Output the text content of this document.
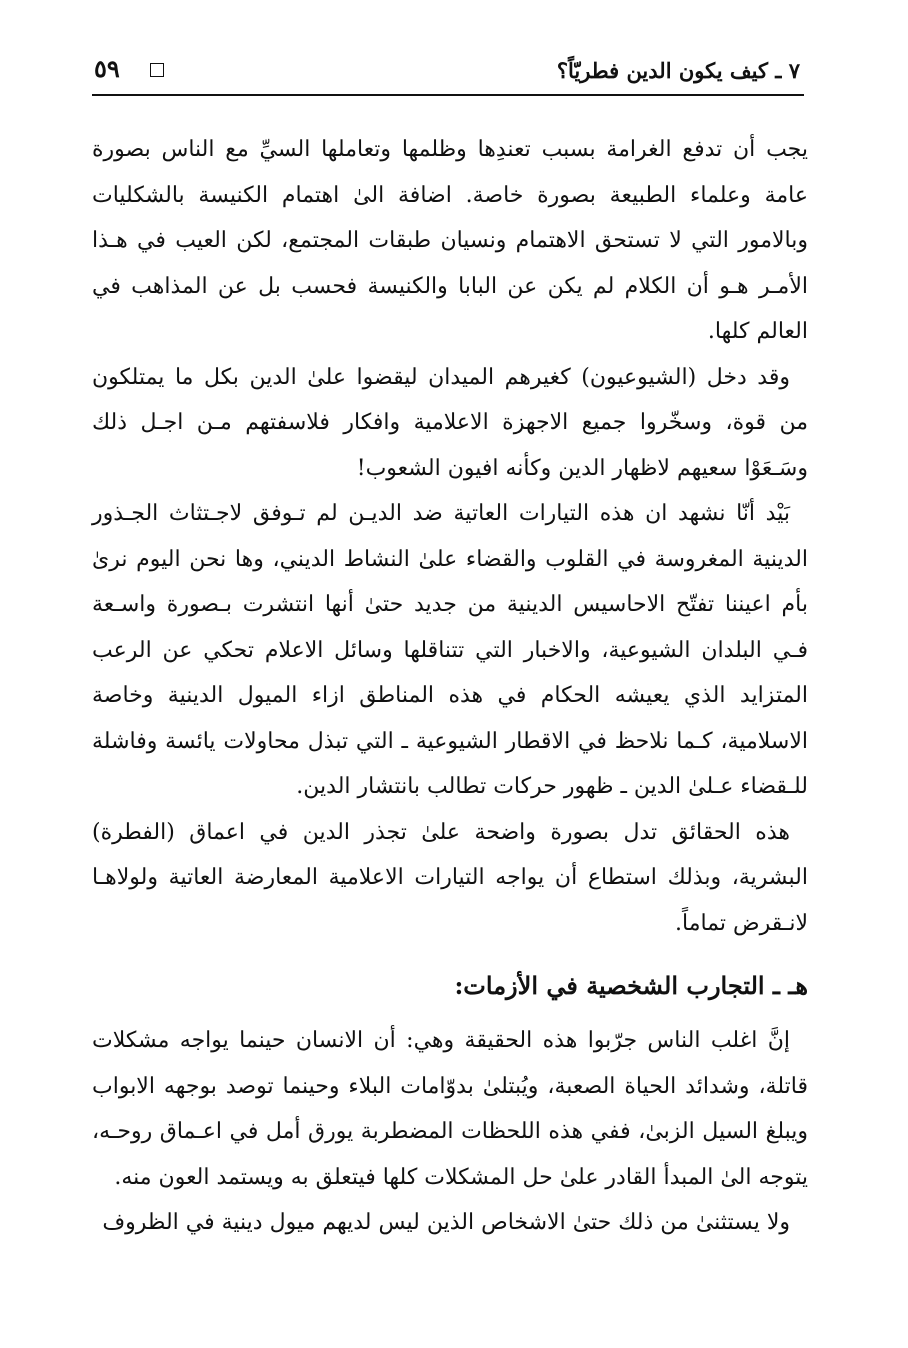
٧ ـ كيف يكون الدين فطريّاً؟
٥٩

يجب أن تدفع الغرامة بسبب تعندِها وظلمها وتعاملها السيِّ مع الناس بصورة عامة وعلماء الطبيعة بصورة خاصة. اضافة الىٰ اهتمام الكنيسة بالشكليات وبالامور التي لا تستحق الاهتمام ونسيان طبقات المجتمع، لكن العيب في هـذا الأمـر هـو أن الكلام لم يكن عن البابا والكنيسة فحسب بل عن المذاهب في العالم كلها.

وقد دخل (الشيوعيون) كغيرهم الميدان ليقضوا علىٰ الدين بكل ما يمتلكون من قوة، وسخّروا جميع الاجهزة الاعلامية وافكار فلاسفتهم مـن اجـل ذلك وسَـعَوْا سعيهم لاظهار الدين وكأنه افيون الشعوب!

بَيْد أنّا نشهد ان هذه التيارات العاتية ضد الديـن لم تـوفق لاجـتثاث الجـذور الدينية المغروسة في القلوب والقضاء علىٰ النشاط الديني، وها نحن اليوم نرىٰ بأم اعيننا تفتّح الاحاسيس الدينية من جديد حتىٰ أنها انتشرت بـصورة واسـعة فـي البلدان الشيوعية، والاخبار التي تتناقلها وسائل الاعلام تحكي عن الرعب المتزايد الذي يعيشه الحكام في هذه المناطق ازاء الميول الدينية وخاصة الاسلامية، كـما نلاحظ في الاقطار الشيوعية ـ التي تبذل محاولات يائسة وفاشلة للـقضاء عـلىٰ الدين ـ ظهور حركات تطالب بانتشار الدين.

هذه الحقائق تدل بصورة واضحة علىٰ تجذر الدين في اعماق (الفطرة) البشرية، وبذلك استطاع أن يواجه التيارات الاعلامية المعارضة العاتية ولولاهـا لانـقرض تماماً.

هـ ـ التجارب الشخصية في الأزمات:

إنَّ اغلب الناس جرّبوا هذه الحقيقة وهي: أن الانسان حينما يواجه مشكلات قاتلة، وشدائد الحياة الصعبة، ويُبتلىٰ بدوّامات البلاء وحينما توصد بوجهه الابواب ويبلغ السيل الزبىٰ، ففي هذه اللحظات المضطربة يورق أمل في اعـماق روحـه، يتوجه الىٰ المبدأ القادر علىٰ حل المشكلات كلها فيتعلق به ويستمد العون منه.

ولا يستثنىٰ من ذلك حتىٰ الاشخاص الذين ليس لديهم ميول دينية في الظروف
